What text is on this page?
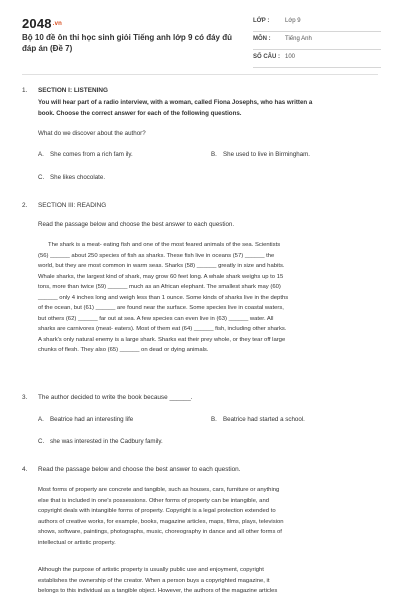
$2048^{.vn}$
Bộ 10 đề ôn thi học sinh giỏi Tiếng anh lớp 9 có đáy đủ đáp án (Đề 7)
LỚP :	Lớp 9
MÔN : Tiếng Anh
SỐ CÂU : 100
1.	SECTION I: LISTENING
You will hear part of a radio interview, with a woman, called Fiona Josephs, who has written a
book. Choose the correct answer for each of the following questions.
What do we discover about the author?
A. She comes from a rich fam ily.	B. She used to live in Birmingham.
C. She likes chocolate.
2.	SECTION III: READING
Read the passage below and choose the best answer to each question.
The shark is a meat- eating fish and one of the most feared animals of the sea. Scientists
(56) ______ about 250 species of fish as sharks. These fish live in oceans (57) ______ the
world, but they are most common in warm seas. Sharks (58) ______ greatly in size and habits.
Whale sharks, the largest kind of shark, may grow 60 feet long. A whale shark weighs up to 15
tons, more than twice (59) ______ much as an African elephant. The smallest shark may (60)
______ only 4 inches long and weigh less than 1 ounce. Some kinds of sharks live in the depths
of the ocean, but (61) ______ are found near the surface. Some species live in coastal waters,
but others (62) ______ far out at sea. A few species can even live in (63) ______ water. All
sharks are carnivores (meat- eaters). Most of them eat (64) ______ fish, including other sharks.
A shark's only natural enemy is a large shark. Sharks eat their prey whole, or they tear off large
chunks of flesh. They also (65) ______ on dead or dying animals.
3.	The author decided to write the book because ______.
A. Beatrice had an interesting life	B. Beatrice had started a school.
C. she was interested in the Cadbury family.
4.	Read the passage below and choose the best answer to each question.
Most forms of property are concrete and tangible, such as houses, cars, furniture or anything
else that is included in one's possessions. Other forms of property can be intangible, and
copyright deals with intangible forms of property. Copyright is a legal protection extended to
authors of creative works, for example, books, magazine articles, maps, films, plays, television
shows, software, paintings, photographs, music, choreography in dance and all other forms of
intellectual or artistic property.
Although the purpose of artistic property is usually public use and enjoyment, copyright
establishes the ownership of the creator. When a person buys a copyrighted magazine, it
belongs to this individual as a tangible object. However, the authors of the magazine articles
